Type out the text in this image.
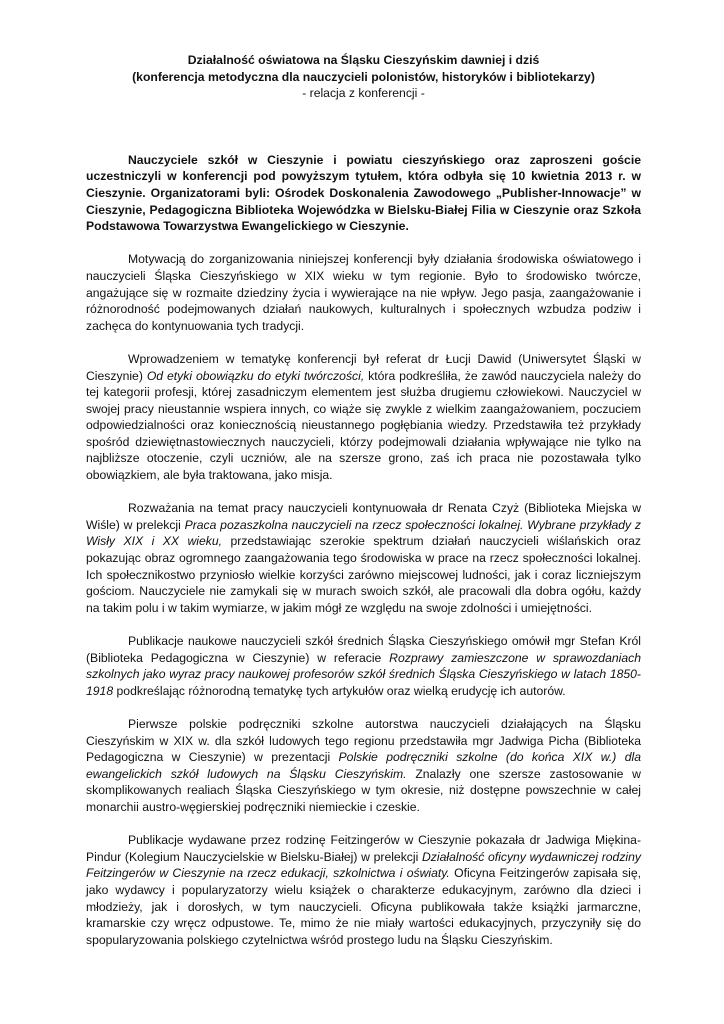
Działalność oświatowa na Śląsku Cieszyńskim dawniej i dziś
(konferencja metodyczna dla nauczycieli polonistów, historyków i bibliotekarzy)

- relacja z konferencji -

Nauczyciele szkół w Cieszynie i powiatu cieszyńskiego oraz zaproszeni goście uczestniczyli w konferencji pod powyższym tytułem, która odbyła się 10 kwietnia 2013 r. w Cieszynie. Organizatorami byli: Ośrodek Doskonalenia Zawodowego „Publisher-Innowacje” w Cieszynie, Pedagogiczna Biblioteka Wojewódzka w Bielsku-Białej Filia w Cieszynie oraz Szkoła Podstawowa Towarzystwa Ewangelickiego w Cieszynie.

Motywacją do zorganizowania niniejszej konferencji były działania środowiska oświatowego i nauczycieli Śląska Cieszyńskiego w XIX wieku w tym regionie. Było to środowisko twórcze, angażujące się w rozmaite dziedziny życia i wywierające na nie wpływ. Jego pasja, zaangażowanie i różnorodność podejmowanych działań naukowych, kulturalnych i społecznych wzbudza podziw i zachęca do kontynuowania tych tradycji.

Wprowadzeniem w tematykę konferencji był referat dr Łucji Dawid (Uniwersytet Śląski w Cieszynie) Od etyki obowiązku do etyki twórczości, która podkreśliła, że zawód nauczyciela należy do tej kategorii profesji, której zasadniczym elementem jest służba drugiemu człowiekowi. Nauczyciel w swojej pracy nieustannie wspiera innych, co wiąże się zwykle z wielkim zaangażowaniem, poczuciem odpowiedzialności oraz koniecznością nieustannego pogłębiania wiedzy. Przedstawiła też przykłady spośród dziewiętnastowiecznych nauczycieli, którzy podejmowali działania wpływające nie tylko na najbliższe otoczenie, czyli uczniów, ale na szersze grono, zaś ich praca nie pozostawała tylko obowiązkiem, ale była traktowana, jako misja.

Rozważania na temat pracy nauczycieli kontynuowała dr Renata Czyż (Biblioteka Miejska w Wiśle) w prelekcji Praca pozaszkolna nauczycieli na rzecz społeczności lokalnej. Wybrane przykłady z Wisły XIX i XX wieku, przedstawiając szerokie spektrum działań nauczycieli wiślańskich oraz pokazując obraz ogromnego zaangażowania tego środowiska w prace na rzecz społeczności lokalnej. Ich społecznikostwo przyniosło wielkie korzyści zarówno miejscowej ludności, jak i coraz liczniejszym gościom. Nauczyciele nie zamykali się w murach swoich szkół, ale pracowali dla dobra ogółu, każdy na takim polu i w takim wymiarze, w jakim mógł ze względu na swoje zdolności i umiejętności.

Publikacje naukowe nauczycieli szkół średnich Śląska Cieszyńskiego omówił mgr Stefan Król (Biblioteka Pedagogiczna w Cieszynie) w referacie Rozprawy zamieszczone w sprawozdaniach szkolnych jako wyraz pracy naukowej profesorów szkół średnich Śląska Cieszyńskiego w latach 1850-1918 podkreślając różnorodną tematykę tych artykułów oraz wielką erudycję ich autorów.

Pierwsze polskie podręczniki szkolne autorstwa nauczycieli działających na Śląsku Cieszyńskim w XIX w. dla szkół ludowych tego regionu przedstawiła mgr Jadwiga Picha (Biblioteka Pedagogiczna w Cieszynie) w prezentacji Polskie podręczniki szkolne (do końca XIX w.) dla ewangelickich szkół ludowych na Śląsku Cieszyńskim. Znalazły one szersze zastosowanie w skomplikowanych realiach Śląska Cieszyńskiego w tym okresie, niż dostępne powszechnie w całej monarchii austro-węgierskiej podręczniki niemieckie i czeskie.

Publikacje wydawane przez rodzinę Feitzingerów w Cieszynie pokazała dr Jadwiga Miękina-Pindur (Kolegium Nauczycielskie w Bielsku-Białej) w prelekcji Działalność oficyny wydawniczej rodziny Feitzingerów w Cieszynie na rzecz edukacji, szkolnictwa i oświaty. Oficyna Feitzingerów zapisała się, jako wydawcy i popularyzatorzy wielu książek o charakterze edukacyjnym, zarówno dla dzieci i młodzieży, jak i dorosłych, w tym nauczycieli. Oficyna publikowała także książki jarmarczne, kramarskie czy wręcz odpustowe. Te, mimo że nie miały wartości edukacyjnych, przyczyniły się do spopularyzowania polskiego czytelnictwa wśród prostego ludu na Śląsku Cieszyńskim.
